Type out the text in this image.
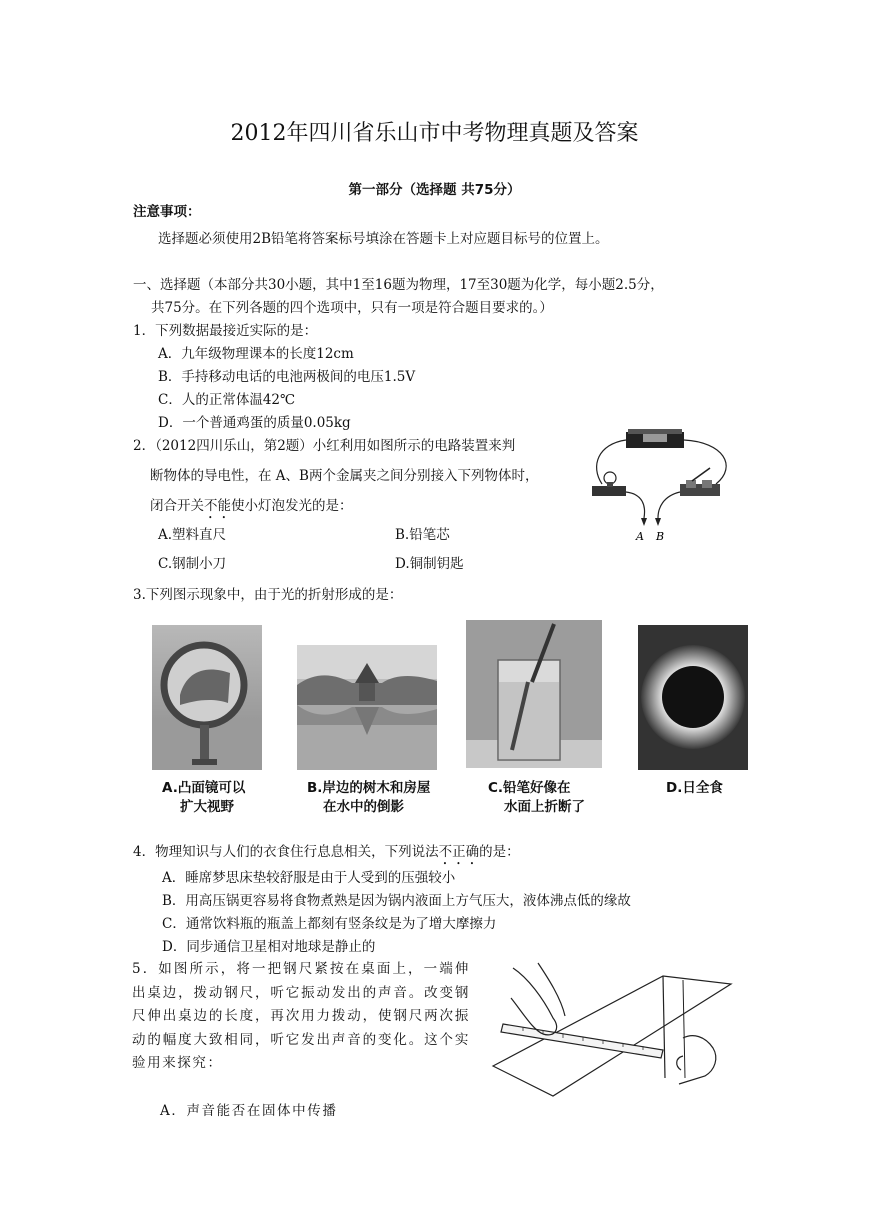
2012年四川省乐山市中考物理真题及答案
第一部分（选择题 共75分）
注意事项：
选择题必须使用2B铅笔将答案标号填涂在答题卡上对应题目标号的位置上。
一、选择题（本部分共30小题，其中1至16题为物理，17至30题为化学，每小题2.5分，
共75分。在下列各题的四个选项中，只有一项是符合题目要求的。）
1．下列数据最接近实际的是：
A．九年级物理课本的长度12cm
B．手持移动电话的电池两极间的电压1.5V
C．人的正常体温42℃
D．一个普通鸡蛋的质量0.05kg
2．（2012四川乐山，第2题）小红利用如图所示的电路装置来判
断物体的导电性，在 A、B两个金属夹之间分别接入下列物体时，
闭合开关不能使小灯泡发光的是：
A.塑料直尺	B.铅笔芯
C.钢制小刀	D.铜制钥匙
A B
3.下列图示现象中，由于光的折射形成的是：
A.凸面镜可以
扩大视野
B.岸边的树木和房屋
在水中的倒影
C.铅笔好像在
水面上折断了
D.日全食
4．物理知识与人们的衣食住行息息相关，下列说法不正确的是：
A．睡席梦思床垫较舒服是由于人受到的压强较小
B．用高压锅更容易将食物煮熟是因为锅内液面上方气压大，液体沸点低的缘故
C．通常饮料瓶的瓶盖上都刻有竖条纹是为了增大摩擦力
D．同步通信卫星相对地球是静止的
5．如图所示，将一把钢尺紧按在桌面上，一端伸出桌边，拨动钢尺，听它振动发出的声音。改变钢尺伸出桌边的长度，再次用力拨动，使钢尺两次振动的幅度大致相同，听它发出声音的变化。这个实验用来探究：
A．声音能否在固体中传播
